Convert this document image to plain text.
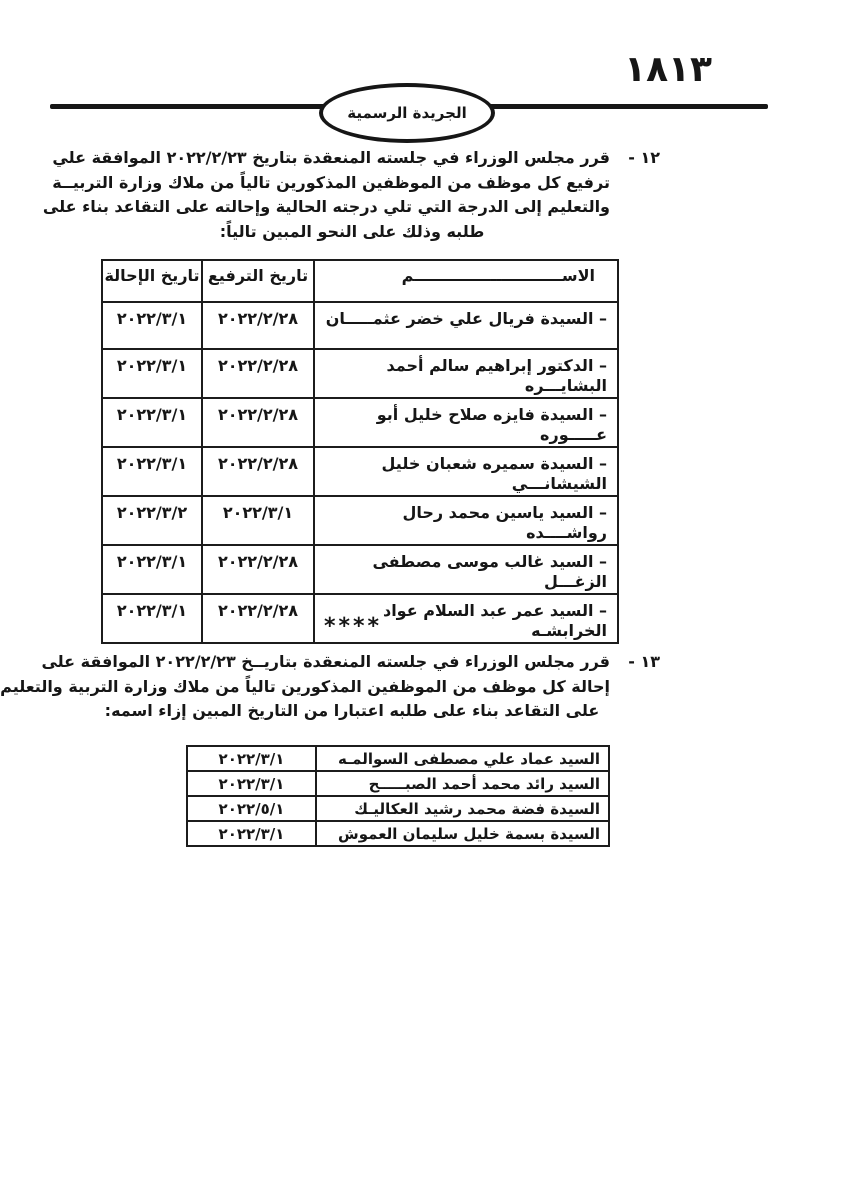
١٨١٣
الجريدة الرسمية
١٢ -
قرر مجلس الوزراء في جلسته المنعقدة بتاريخ ٢٠٢٢/٢/٢٣ الموافقة علي
ترفيع كل موظف من الموظفين المذكورين تالياً من ملاك وزارة التربيــة
والتعليم إلى الدرجة التي تلي درجته الحالية وإحالته على التقاعد بناء على
طلبه وذلك على النحو المبين تالياً:
الاســـــــــــــــــــــــــــم	تاريخ الترفيع	تاريخ الإحالة
– السيدة فريال علي خضر عثمـــــان	٢٠٢٢/٢/٢٨	٢٠٢٢/٣/١
– الدكتور إبراهيم سالم أحمد البشايـــره	٢٠٢٢/٢/٢٨	٢٠٢٢/٣/١
– السيدة فايزه صلاح خليل أبو عـــــوره	٢٠٢٢/٢/٢٨	٢٠٢٢/٣/١
– السيدة سميره شعبان خليل الشيشانـــي	٢٠٢٢/٢/٢٨	٢٠٢٢/٣/١
– السيد ياسين محمد رحال رواشــــده	٢٠٢٢/٣/١	٢٠٢٢/٣/٢
– السيد غالب موسى مصطفى الزغـــل	٢٠٢٢/٢/٢٨	٢٠٢٢/٣/١
– السيد عمر عبد السلام عواد الخرابشـه	٢٠٢٢/٢/٢٨	٢٠٢٢/٣/١
****
١٣ -
قرر مجلس الوزراء في جلسته المنعقدة بتاريــخ ٢٠٢٢/٢/٢٣ الموافقة على
إحالة كل موظف من الموظفين المذكورين تالياً من ملاك وزارة التربية والتعليم
على التقاعد بناء على طلبه اعتبارا من التاريخ المبين إزاء اسمه:
السيد عماد علي مصطفى السوالمـه	٢٠٢٢/٣/١
السيد رائد محمد أحمد الصبـــــح	٢٠٢٢/٣/١
السيدة فضة محمد رشيد العكاليـك	٢٠٢٢/٥/١
السيدة بسمة خليل سليمان العموش	٢٠٢٢/٣/١
